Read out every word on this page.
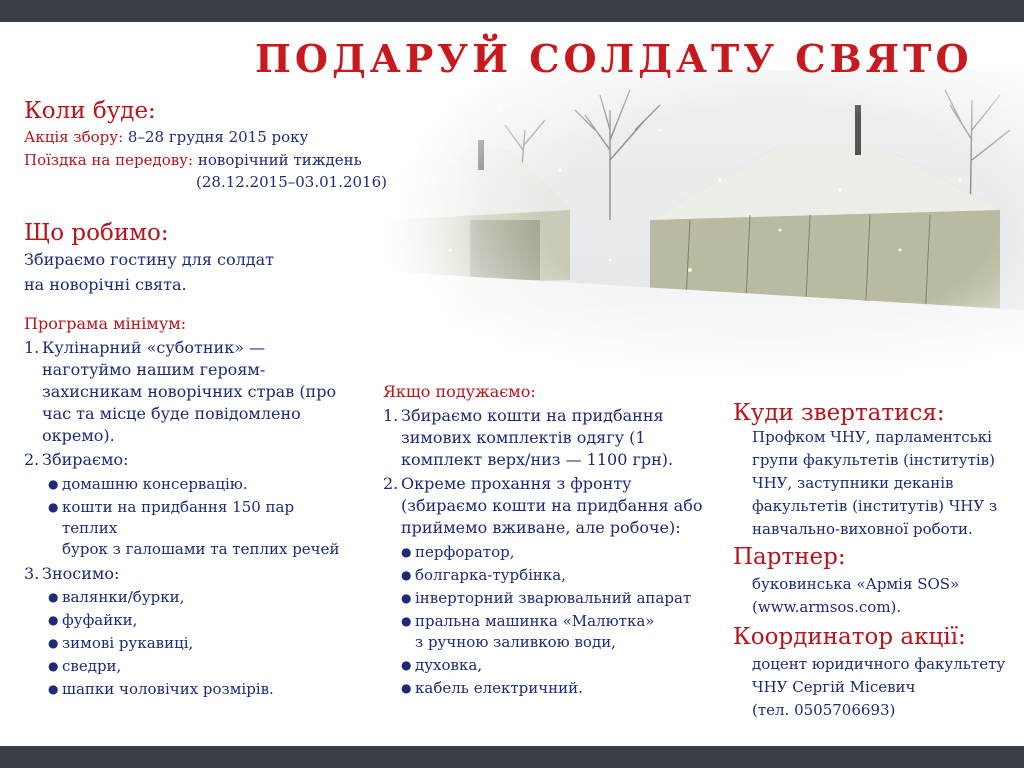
ПОДАРУЙ СОЛДАТУ СВЯТО
Коли буде:
Акція збору: 8–28 грудня 2015 року
Поїздка на передову: новорічний тиждень
(28.12.2015–03.01.2016)
Що робимо:
Збираємо гостину для солдат
на новорічні свята.
Програма мінімум:
1. Кулінарний «суботник» —
наготуймо нашим героям-
захисникам новорічних страв (про
час та місце буде повідомлено
окремо).
2. Збираємо:
● домашню консервацію.
● кошти на придбання 150 пар теплих
бурок з галошами та теплих речей
3. Зносимо:
● валянки/бурки,
● фуфайки,
● зимові рукавиці,
● сведри,
● шапки чоловічих розмірів.
Якщо подужаємо:
1. Збираємо кошти на придбання
зимових комплектів одягу (1
комплект верх/низ — 1100 грн).
2. Окреме прохання з фронту
(збираємо кошти на придбання або
приймемо вживане, але робоче):
● перфоратор,
● болгарка-турбінка,
● інверторний зварювальний апарат
● пральна машинка «Малютка»
з ручною заливкою води,
● духовка,
● кабель електричний.
Куди звертатися:
Профком ЧНУ, парламентські
групи факультетів (інститутів)
ЧНУ, заступники деканів
факультетів (інститутів) ЧНУ з
навчально-виховної роботи.
Партнер:
буковинська «Армія SOS»
(www.armsos.com).
Координатор акції:
доцент юридичного факультету
ЧНУ Сергій Місевич
(тел. 0505706693)
